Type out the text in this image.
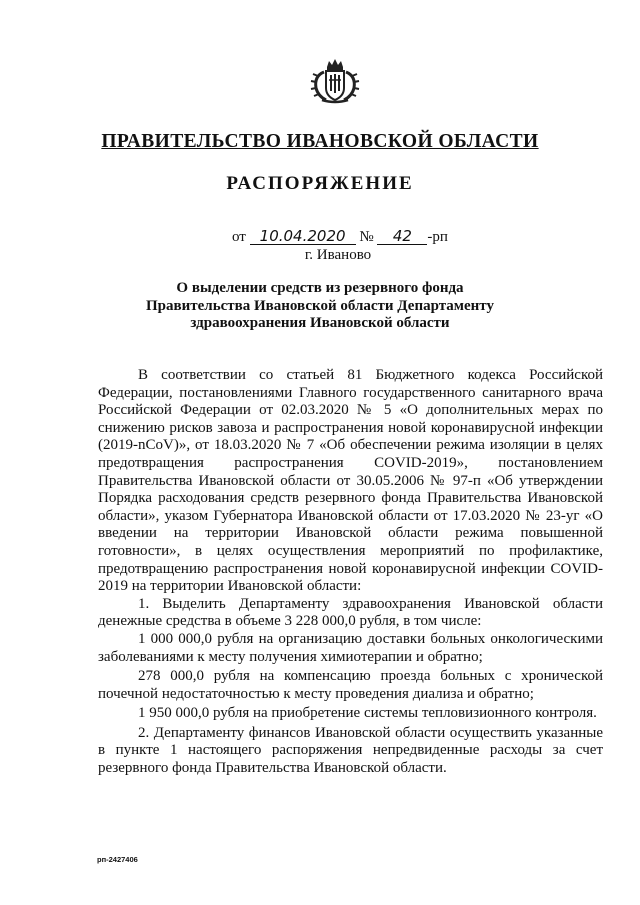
ПРАВИТЕЛЬСТВО ИВАНОВСКОЙ ОБЛАСТИ
РАСПОРЯЖЕНИЕ
от 10.04.2020 № 42 -рп
г. Иваново
О выделении средств из резервного фонда
Правительства Ивановской области Департаменту
здравоохранения Ивановской области

В соответствии со статьей 81 Бюджетного кодекса Российской Федерации, постановлениями Главного государственного санитарного врача Российской Федерации от 02.03.2020 № 5 «О дополнительных мерах по снижению рисков завоза и распространения новой коронавирусной инфекции (2019-nCoV)», от 18.03.2020 № 7 «Об обеспечении режима изоляции в целях предотвращения распространения COVID-2019», постановлением Правительства Ивановской области от 30.05.2006 № 97-п «Об утверждении Порядка расходования средств резервного фонда Правительства Ивановской области», указом Губернатора Ивановской области от 17.03.2020 № 23-уг «О введении на территории Ивановской области режима повышенной готовности», в целях осуществления мероприятий по профилактике, предотвращению распространения новой коронавирусной инфекции COVID-2019 на территории Ивановской области:

1. Выделить Департаменту здравоохранения Ивановской области денежные средства в объеме 3 228 000,0 рубля, в том числе:

1 000 000,0 рубля на организацию доставки больных онкологическими заболеваниями к месту получения химиотерапии и обратно;

278 000,0 рубля на компенсацию проезда больных с хронической почечной недостаточностью к месту проведения диализа и обратно;

1 950 000,0 рубля на приобретение системы тепловизионного контроля.

2. Департаменту финансов Ивановской области осуществить указанные в пункте 1 настоящего распоряжения непредвиденные расходы за счет резервного фонда Правительства Ивановской области.

рп-2427406
